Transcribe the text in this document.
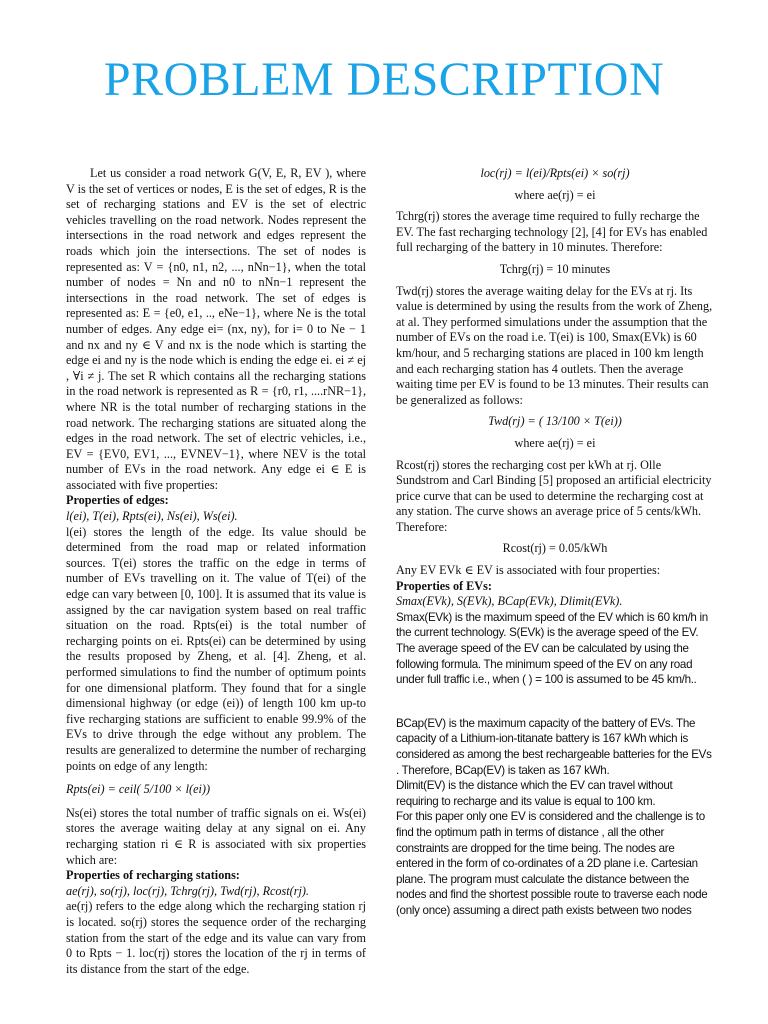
PROBLEM DESCRIPTION

Let us consider a road network G(V, E, R, EV ), where V is the set of vertices or nodes, E is the set of edges, R is the set of recharging stations and EV is the set of electric vehicles travelling on the road network. Nodes represent the intersections in the road network and edges represent the roads which join the intersections. The set of nodes is represented as: V = {n0, n1, n2, ..., nNn−1}, when the total number of nodes = Nn and n0 to nNn−1 represent the intersections in the road network. The set of edges is represented as: E = {e0, e1, .., eNe−1}, where Ne is the total number of edges. Any edge ei= (nx, ny), for i= 0 to Ne − 1 and nx and ny ∈ V and nx is the node which is starting the edge ei and ny is the node which is ending the edge ei. ei ≠ ej , ∀i ≠ j. The set R which contains all the recharging stations in the road network is represented as R = {r0, r1, ....rNR−1}, where NR is the total number of recharging stations in the road network. The recharging stations are situated along the edges in the road network. The set of electric vehicles, i.e., EV = {EV0, EV1, ..., EVNEV−1}, where NEV is the total number of EVs in the road network. Any edge ei ∈ E is associated with five properties:

Properties of edges:

l(ei), T(ei), Rpts(ei), Ns(ei), Ws(ei).

l(ei) stores the length of the edge. Its value should be determined from the road map or related information sources. T(ei) stores the traffic on the edge in terms of number of EVs travelling on it. The value of T(ei) of the edge can vary between [0, 100]. It is assumed that its value is assigned by the car navigation system based on real traffic situation on the road. Rpts(ei) is the total number of recharging points on ei. Rpts(ei) can be determined by using the results proposed by Zheng, et al. [4]. Zheng, et al. performed simulations to find the number of optimum points for one dimensional platform. They found that for a single dimensional highway (or edge (ei)) of length 100 km up-to five recharging stations are sufficient to enable 99.9% of the EVs to drive through the edge without any problem. The results are generalized to determine the number of recharging points on edge of any length:

Rpts(ei) = ceil( 5/100 × l(ei))

Ns(ei) stores the total number of traffic signals on ei. Ws(ei) stores the average waiting delay at any signal on ei. Any recharging station ri ∈ R is associated with six properties which are:

Properties of recharging stations:

ae(rj), so(rj), loc(rj), Tchrg(rj), Twd(rj), Rcost(rj).

ae(rj) refers to the edge along which the recharging station rj is located. so(rj) stores the sequence order of the recharging station from the start of the edge and its value can vary from 0 to Rpts − 1. loc(rj) stores the location of the rj in terms of its distance from the start of the edge.

loc(rj) = l(ei)/Rpts(ei) × so(rj)

where ae(rj) = ei

Tchrg(rj) stores the average time required to fully recharge the EV. The fast recharging technology [2], [4] for EVs has enabled full recharging of the battery in 10 minutes. Therefore:

Tchrg(rj) = 10 minutes

Twd(rj) stores the average waiting delay for the EVs at rj. Its value is determined by using the results from the work of Zheng, at al. They performed simulations under the assumption that the number of EVs on the road i.e. T(ei) is 100, Smax(EVk) is 60 km/hour, and 5 recharging stations are placed in 100 km length and each recharging station has 4 outlets. Then the average waiting time per EV is found to be 13 minutes. Their results can be generalized as follows:

Twd(rj) = ( 13/100 × T(ei))

where ae(rj) = ei

Rcost(rj) stores the recharging cost per kWh at rj. Olle Sundstrom and Carl Binding [5] proposed an artificial electricity price curve that can be used to determine the recharging cost at any station. The curve shows an average price of 5 cents/kWh. Therefore:

Rcost(rj) = 0.05/kWh

Any EV EVk ∈ EV is associated with four properties:

Properties of EVs:

Smax(EVk), S(EVk), BCap(EVk), Dlimit(EVk).

Smax(EVk) is the maximum speed of the EV which is 60 km/h in the current technology. S(EVk) is the average speed of the EV. The average speed of the EV can be calculated by using the following formula. The minimum speed of the EV on any road under full traffic i.e., when ( ) = 100 is assumed to be 45 km/h..

BCap(EV) is the maximum capacity of the battery of EVs. The capacity of a Lithium-ion-titanate battery is 167 kWh which is considered as among the best rechargeable batteries for the EVs . Therefore, BCap(EV) is taken as 167 kWh.

Dlimit(EV) is the distance which the EV can travel without requiring to recharge and its value is equal to 100 km.

For this paper only one EV is considered and the challenge is to find the optimum path in terms of distance , all the other constraints are dropped for the time being. The nodes are entered in the form of co-ordinates of a 2D plane i.e. Cartesian plane. The program must calculate the distance between the nodes and find the shortest possible route to traverse each node (only once) assuming a direct path exists between two nodes
